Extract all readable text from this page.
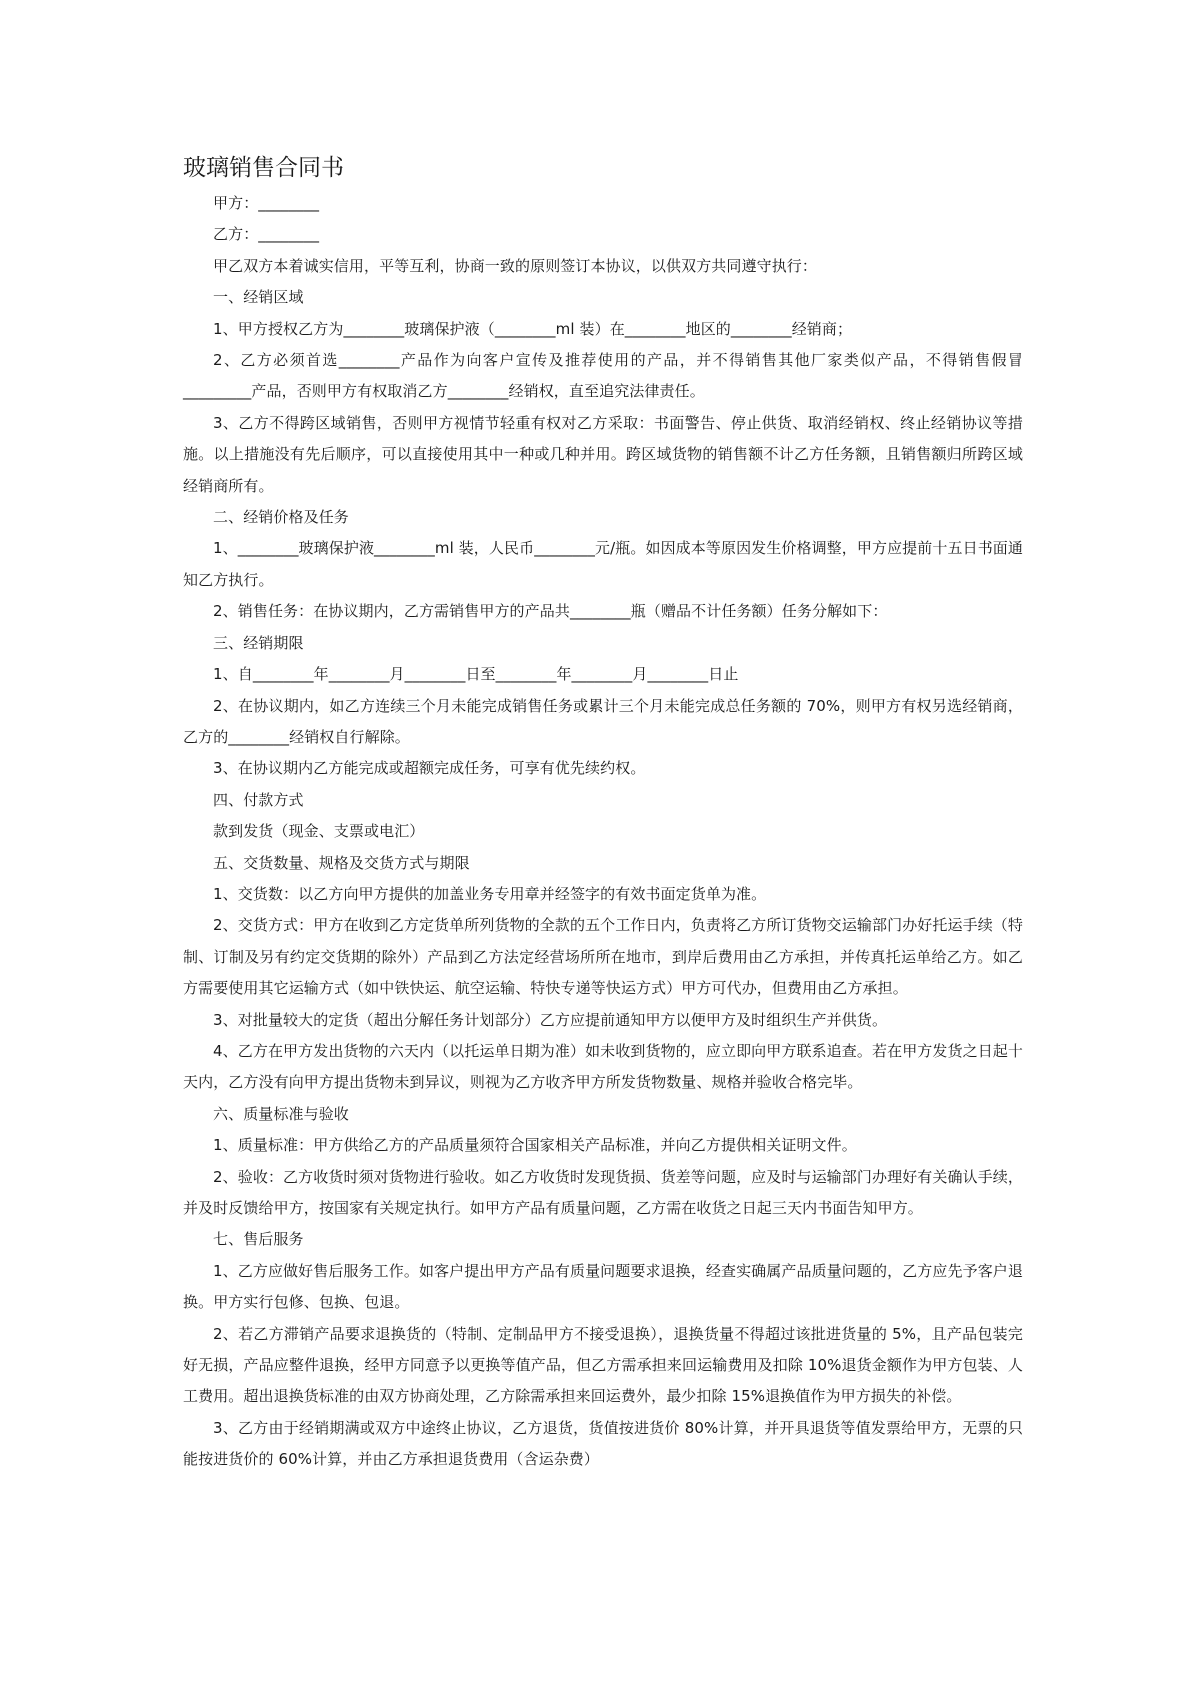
玻璃销售合同书

甲方：________

乙方：________

甲乙双方本着诚实信用，平等互利，协商一致的原则签订本协议，以供双方共同遵守执行：

一、经销区域

1、甲方授权乙方为________玻璃保护液（________ml 装）在________地区的________经销商；

2、乙方必须首选________产品作为向客户宣传及推荐使用的产品，并不得销售其他厂家类似产品，不得销售假冒_________产品，否则甲方有权取消乙方________经销权，直至追究法律责任。

3、乙方不得跨区域销售，否则甲方视情节轻重有权对乙方采取：书面警告、停止供货、取消经销权、终止经销协议等措施。以上措施没有先后顺序，可以直接使用其中一种或几种并用。跨区域货物的销售额不计乙方任务额，且销售额归所跨区域经销商所有。

二、经销价格及任务

1、________玻璃保护液________ml 装，人民币________元/瓶。如因成本等原因发生价格调整，甲方应提前十五日书面通知乙方执行。

2、销售任务：在协议期内，乙方需销售甲方的产品共________瓶（赠品不计任务额）任务分解如下：

三、经销期限

1、自________年________月________日至________年________月________日止

2、在协议期内，如乙方连续三个月未能完成销售任务或累计三个月未能完成总任务额的 70%，则甲方有权另选经销商，乙方的________经销权自行解除。

3、在协议期内乙方能完成或超额完成任务，可享有优先续约权。

四、付款方式

款到发货（现金、支票或电汇）

五、交货数量、规格及交货方式与期限

1、交货数：以乙方向甲方提供的加盖业务专用章并经签字的有效书面定货单为准。

2、交货方式：甲方在收到乙方定货单所列货物的全款的五个工作日内，负责将乙方所订货物交运输部门办好托运手续（特制、订制及另有约定交货期的除外）产品到乙方法定经营场所所在地市，到岸后费用由乙方承担，并传真托运单给乙方。如乙方需要使用其它运输方式（如中铁快运、航空运输、特快专递等快运方式）甲方可代办，但费用由乙方承担。

3、对批量较大的定货（超出分解任务计划部分）乙方应提前通知甲方以便甲方及时组织生产并供货。

4、乙方在甲方发出货物的六天内（以托运单日期为准）如未收到货物的，应立即向甲方联系追查。若在甲方发货之日起十天内，乙方没有向甲方提出货物未到异议，则视为乙方收齐甲方所发货物数量、规格并验收合格完毕。

六、质量标准与验收

1、质量标准：甲方供给乙方的产品质量须符合国家相关产品标准，并向乙方提供相关证明文件。

2、验收：乙方收货时须对货物进行验收。如乙方收货时发现货损、货差等问题，应及时与运输部门办理好有关确认手续，并及时反馈给甲方，按国家有关规定执行。如甲方产品有质量问题，乙方需在收货之日起三天内书面告知甲方。

七、售后服务

1、乙方应做好售后服务工作。如客户提出甲方产品有质量问题要求退换，经查实确属产品质量问题的，乙方应先予客户退换。甲方实行包修、包换、包退。

2、若乙方滞销产品要求退换货的（特制、定制品甲方不接受退换），退换货量不得超过该批进货量的 5%，且产品包装完好无损，产品应整件退换，经甲方同意予以更换等值产品，但乙方需承担来回运输费用及扣除 10%退货金额作为甲方包装、人工费用。超出退换货标准的由双方协商处理，乙方除需承担来回运费外，最少扣除 15%退换值作为甲方损失的补偿。

3、乙方由于经销期满或双方中途终止协议，乙方退货，货值按进货价 80%计算，并开具退货等值发票给甲方，无票的只能按进货价的 60%计算，并由乙方承担退货费用（含运杂费）
